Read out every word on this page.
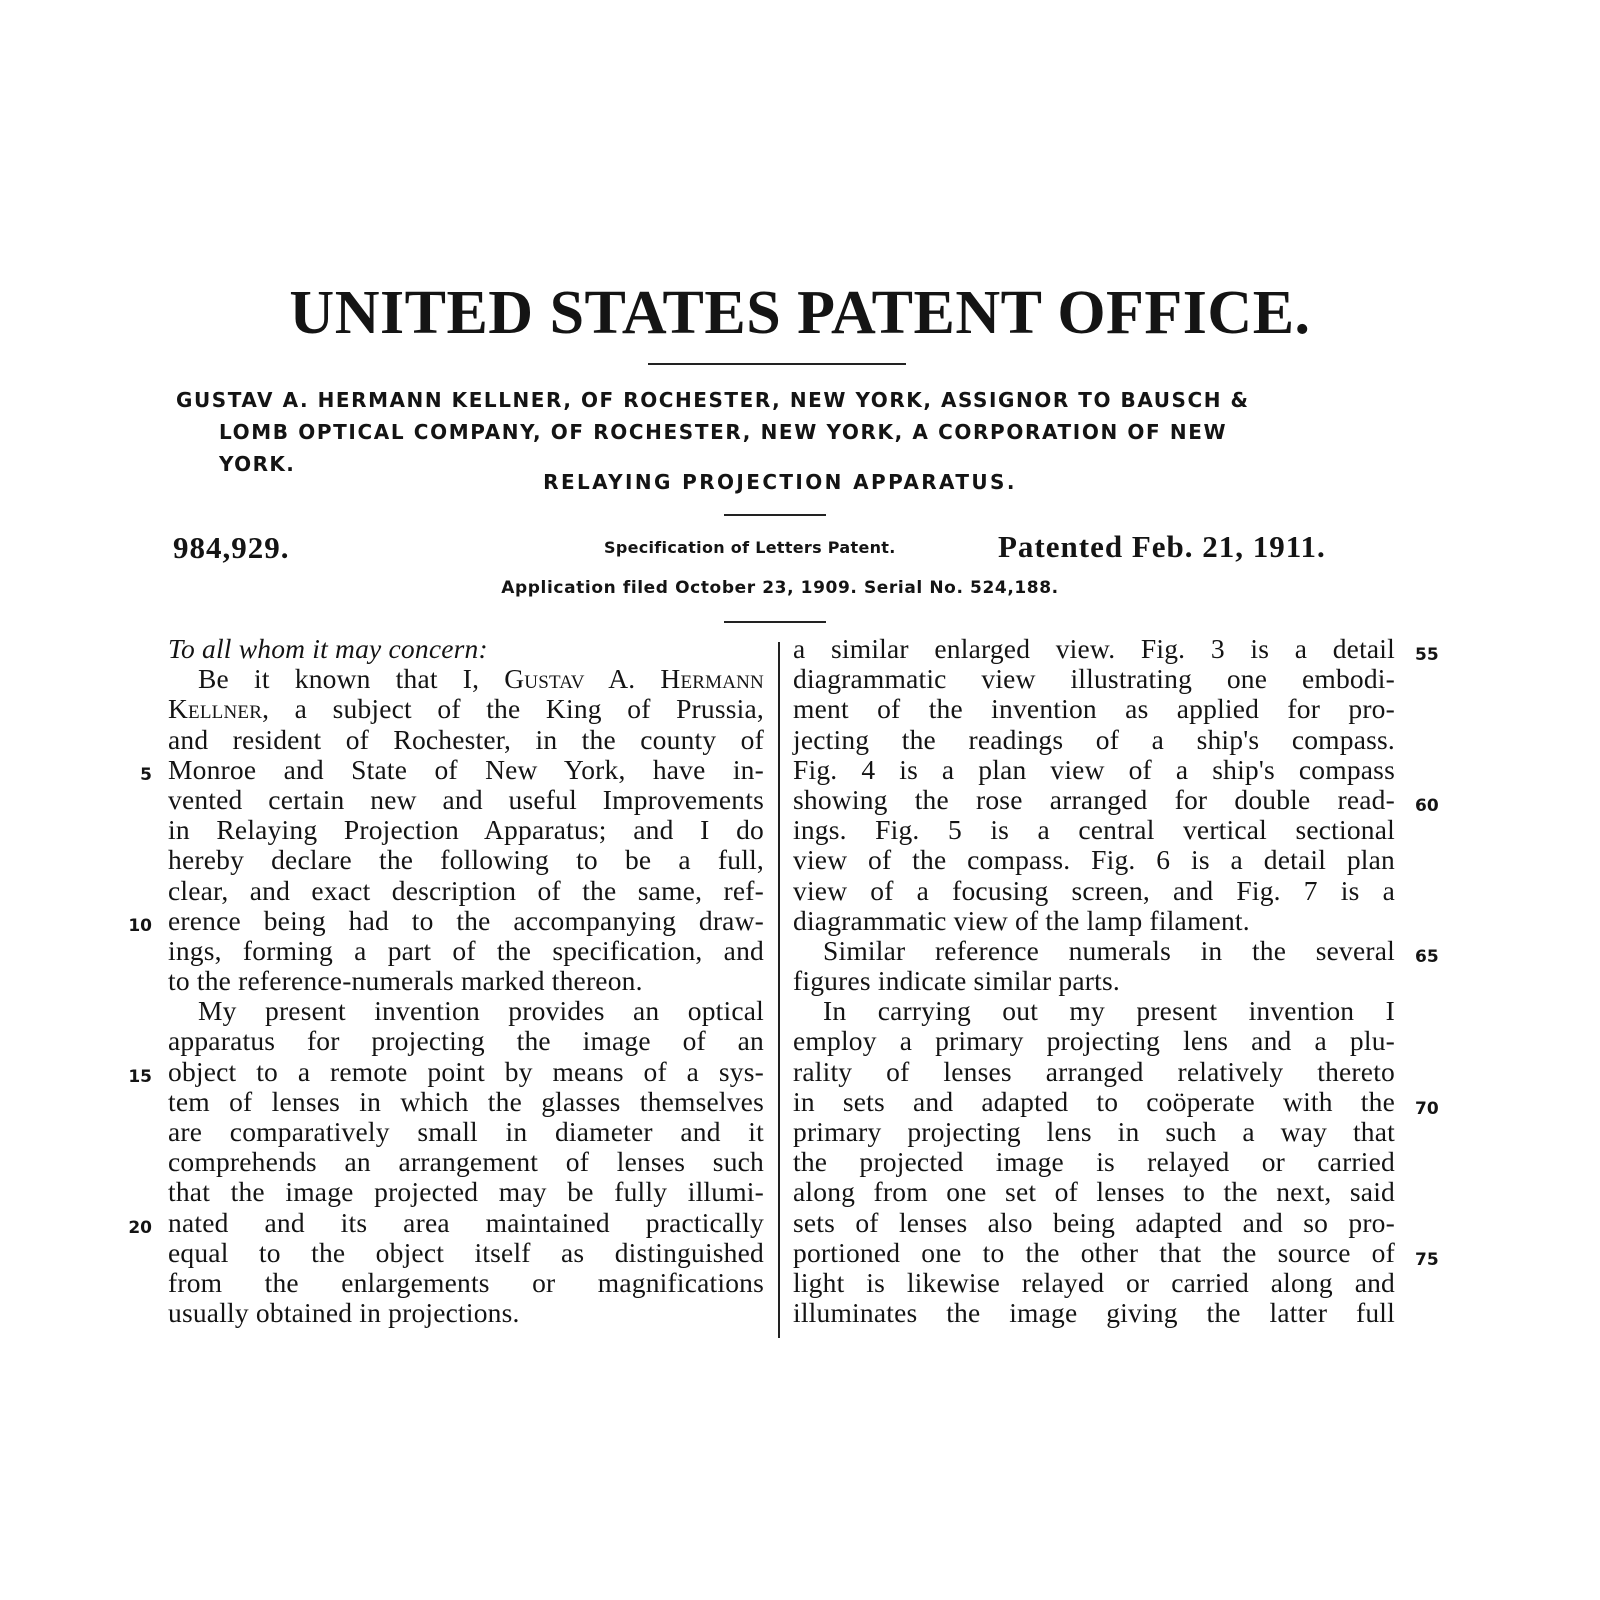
UNITED STATES PATENT OFFICE.
GUSTAV A. HERMANN KELLNER, OF ROCHESTER, NEW YORK, ASSIGNOR TO BAUSCH &
LOMB OPTICAL COMPANY, OF ROCHESTER, NEW YORK, A CORPORATION OF NEW
YORK.
RELAYING PROJECTION APPARATUS.
984,929.	Specification of Letters Patent.	Patented Feb. 21, 1911.
Application filed October 23, 1909. Serial No. 524,188.
To all whom it may concern:
Be it known that I, Gustav A. Hermann
Kellner, a subject of the King of Prussia,
and resident of Rochester, in the county of
Monroe and State of New York, have in-
vented certain new and useful Improvements
in Relaying Projection Apparatus; and I do
hereby declare the following to be a full,
clear, and exact description of the same, ref-
erence being had to the accompanying draw-
ings, forming a part of the specification, and
to the reference-numerals marked thereon.
My present invention provides an optical
apparatus for projecting the image of an
object to a remote point by means of a sys-
tem of lenses in which the glasses themselves
are comparatively small in diameter and it
comprehends an arrangement of lenses such
that the image projected may be fully illumi-
nated and its area maintained practically
equal to the object itself as distinguished
from the enlargements or magnifications
usually obtained in projections.
5
10
15
20
a similar enlarged view. Fig. 3 is a detail
diagrammatic view illustrating one embodi-
ment of the invention as applied for pro-
jecting the readings of a ship's compass.
Fig. 4 is a plan view of a ship's compass
showing the rose arranged for double read-
ings. Fig. 5 is a central vertical sectional
view of the compass. Fig. 6 is a detail plan
view of a focusing screen, and Fig. 7 is a
diagrammatic view of the lamp filament.
Similar reference numerals in the several
figures indicate similar parts.
In carrying out my present invention I
employ a primary projecting lens and a plu-
rality of lenses arranged relatively thereto
in sets and adapted to coöperate with the
primary projecting lens in such a way that
the projected image is relayed or carried
along from one set of lenses to the next, said
sets of lenses also being adapted and so pro-
portioned one to the other that the source of
light is likewise relayed or carried along and
illuminates the image giving the latter full
55
60
65
70
75
